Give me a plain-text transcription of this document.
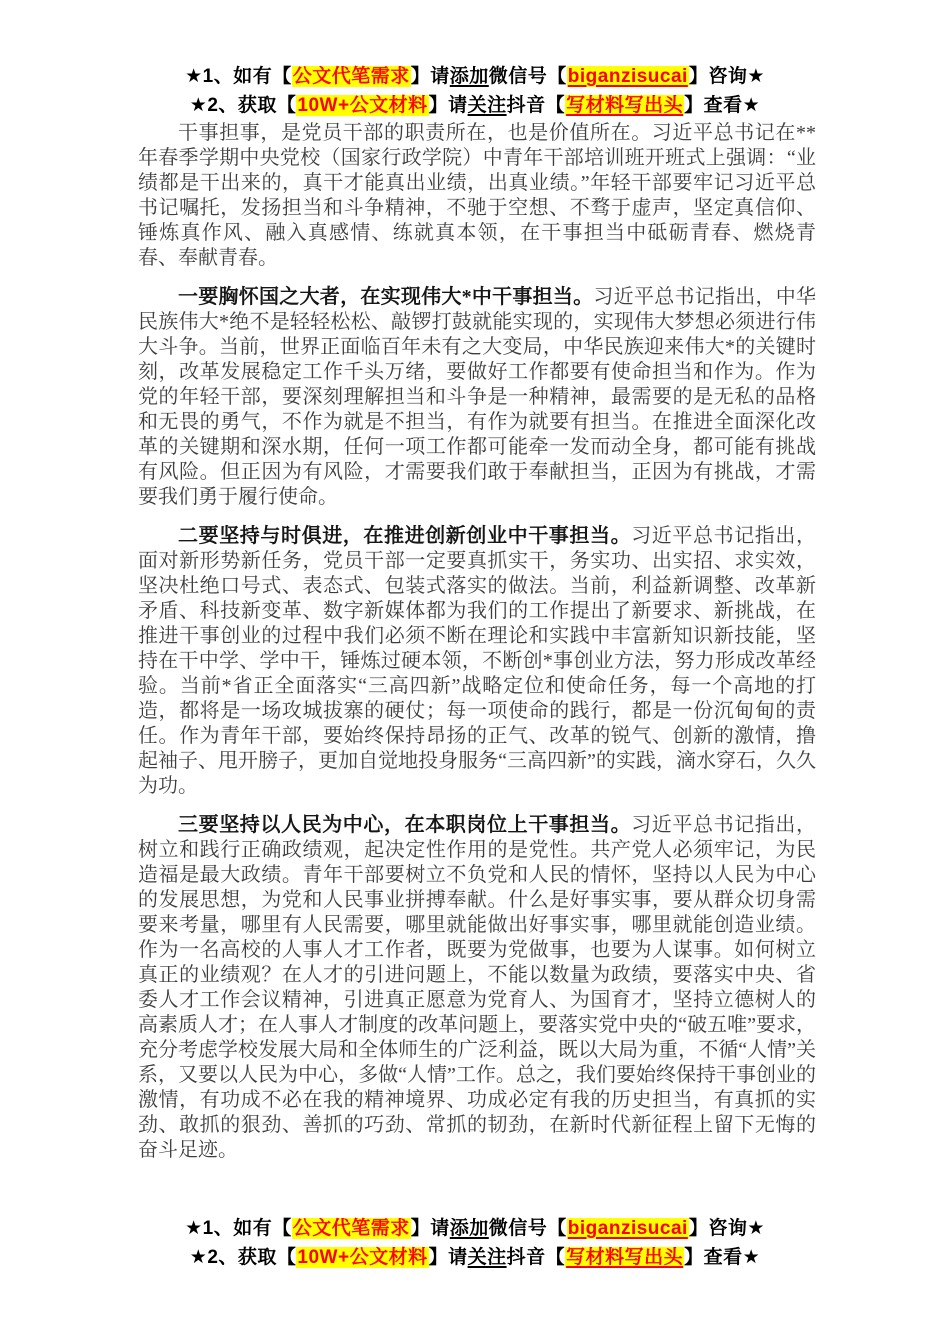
★1、如有【公文代笔需求】请添加微信号【biganzisucai】咨询★
★2、获取【10W+公文材料】请关注抖音【写材料写出头】查看★

干事担事，是党员干部的职责所在，也是价值所在。习近平总书记在**年春季学期中央党校（国家行政学院）中青年干部培训班开班式上强调：“业绩都是干出来的，真干才能真出业绩，出真业绩。”年轻干部要牢记习近平总书记嘱托，发扬担当和斗争精神，不驰于空想、不骛于虚声，坚定真信仰、锤炼真作风、融入真感情、练就真本领，在干事担当中砥砺青春、燃烧青春、奉献青春。

一要胸怀国之大者，在实现伟大*中干事担当。习近平总书记指出，中华民族伟大*绝不是轻轻松松、敲锣打鼓就能实现的，实现伟大梦想必须进行伟大斗争。当前，世界正面临百年未有之大变局，中华民族迎来伟大*的关键时刻，改革发展稳定工作千头万绪，要做好工作都要有使命担当和作为。作为党的年轻干部，要深刻理解担当和斗争是一种精神，最需要的是无私的品格和无畏的勇气，不作为就是不担当，有作为就要有担当。在推进全面深化改革的关键期和深水期，任何一项工作都可能牵一发而动全身，都可能有挑战有风险。但正因为有风险，才需要我们敢于奉献担当，正因为有挑战，才需要我们勇于履行使命。

二要坚持与时俱进，在推进创新创业中干事担当。习近平总书记指出，面对新形势新任务，党员干部一定要真抓实干，务实功、出实招、求实效，坚决杜绝口号式、表态式、包装式落实的做法。当前，利益新调整、改革新矛盾、科技新变革、数字新媒体都为我们的工作提出了新要求、新挑战，在推进干事创业的过程中我们必须不断在理论和实践中丰富新知识新技能，坚持在干中学、学中干，锤炼过硬本领，不断创*事创业方法，努力形成改革经验。当前*省正全面落实“三高四新”战略定位和使命任务，每一个高地的打造，都将是一场攻城拔寨的硬仗；每一项使命的践行，都是一份沉甸甸的责任。作为青年干部，要始终保持昂扬的正气、改革的锐气、创新的激情，撸起袖子、甩开膀子，更加自觉地投身服务“三高四新”的实践，滴水穿石，久久为功。

三要坚持以人民为中心，在本职岗位上干事担当。习近平总书记指出，树立和践行正确政绩观，起决定性作用的是党性。共产党人必须牢记，为民造福是最大政绩。青年干部要树立不负党和人民的情怀，坚持以人民为中心的发展思想，为党和人民事业拼搏奉献。什么是好事实事，要从群众切身需要来考量，哪里有人民需要，哪里就能做出好事实事，哪里就能创造业绩。作为一名高校的人事人才工作者，既要为党做事，也要为人谋事。如何树立真正的业绩观？在人才的引进问题上，不能以数量为政绩，要落实中央、省委人才工作会议精神，引进真正愿意为党育人、为国育才，坚持立德树人的高素质人才；在人事人才制度的改革问题上，要落实党中央的“破五唯”要求，充分考虑学校发展大局和全体师生的广泛利益，既以大局为重，不循“人情”关系，又要以人民为中心，多做“人情”工作。总之，我们要始终保持干事创业的激情，有功成不必在我的精神境界、功成必定有我的历史担当，有真抓的实劲、敢抓的狠劲、善抓的巧劲、常抓的韧劲，在新时代新征程上留下无悔的奋斗足迹。

★1、如有【公文代笔需求】请添加微信号【biganzisucai】咨询★
★2、获取【10W+公文材料】请关注抖音【写材料写出头】查看★
